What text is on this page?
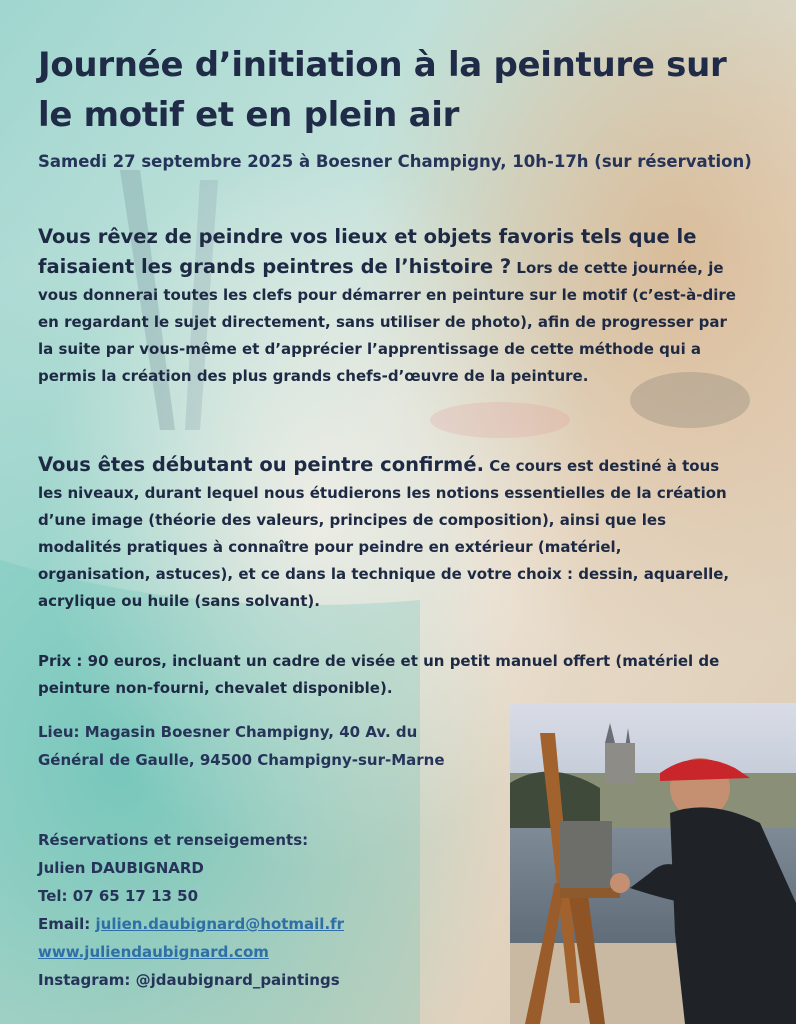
Journée d’initiation à la peinture sur le motif et en plein air
Samedi 27 septembre 2025 à Boesner Champigny, 10h-17h (sur réservation)
Vous rêvez de peindre vos lieux et objets favoris tels que le faisaient les grands peintres de l’histoire ? Lors de cette journée, je vous donnerai toutes les clefs pour démarrer en peinture sur le motif (c’est-à-dire en regardant le sujet directement, sans utiliser de photo), afin de progresser par la suite par vous-même et d’apprécier l’apprentissage de cette méthode qui a permis la création des plus grands chefs-d’œuvre de la peinture.
Vous êtes débutant ou peintre confirmé. Ce cours est destiné à tous les niveaux, durant lequel nous étudierons les notions essentielles de la création d’une image (théorie des valeurs, principes de composition), ainsi que les modalités pratiques à connaître pour peindre en extérieur (matériel, organisation, astuces), et ce dans la technique de votre choix : dessin, aquarelle, acrylique ou huile (sans solvant).
Prix : 90 euros, incluant un cadre de visée et un petit manuel offert (matériel de peinture non-fourni, chevalet disponible).
Lieu: Magasin Boesner Champigny, 40 Av. du Général de Gaulle, 94500 Champigny-sur-Marne
Réservations et renseigements:
Julien DAUBIGNARD
Tel: 07 65 17 13 50
Email: julien.daubignard@hotmail.fr
www.juliendaubignard.com
Instagram: @jdaubignard_paintings
